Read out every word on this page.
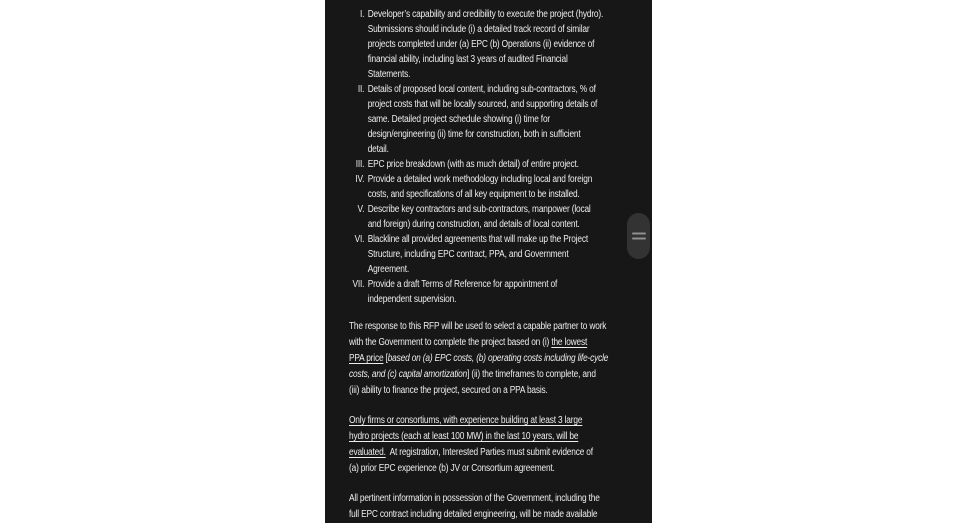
I. Developer’s capability and credibility to execute the project (hydro).
Submissions should include (i) a detailed track record of similar
projects completed under (a) EPC (b) Operations (ii) evidence of
financial ability, including last 3 years of audited Financial
Statements.
II. Details of proposed local content, including sub-contractors, % of
project costs that will be locally sourced, and supporting details of
same. Detailed project schedule showing (i) time for
design/engineering (ii) time for construction, both in sufficient
detail.
III. EPC price breakdown (with as much detail) of entire project.
IV. Provide a detailed work methodology including local and foreign
costs, and specifications of all key equipment to be installed.
V. Describe key contractors and sub-contractors, manpower (local
and foreign) during construction, and details of local content.
VI. Blackline all provided agreements that will make up the Project
Structure, including EPC contract, PPA, and Government
Agreement.
VII. Provide a draft Terms of Reference for appointment of
independent supervision.
The response to this RFP will be used to select a capable partner to work
with the Government to complete the project based on (i) the lowest
PPA price [based on (a) EPC costs, (b) operating costs including life-cycle
costs, and (c) capital amortization] (ii) the timeframes to complete, and
(iii) ability to finance the project, secured on a PPA basis.
Only firms or consortiums, with experience building at least 3 large
hydro projects (each at least 100 MW) in the last 10 years, will be
evaluated.  At registration, Interested Parties must submit evidence of
(a) prior EPC experience (b) JV or Consortium agreement.
All pertinent information in possession of the Government, including the
full EPC contract including detailed engineering, will be made available
